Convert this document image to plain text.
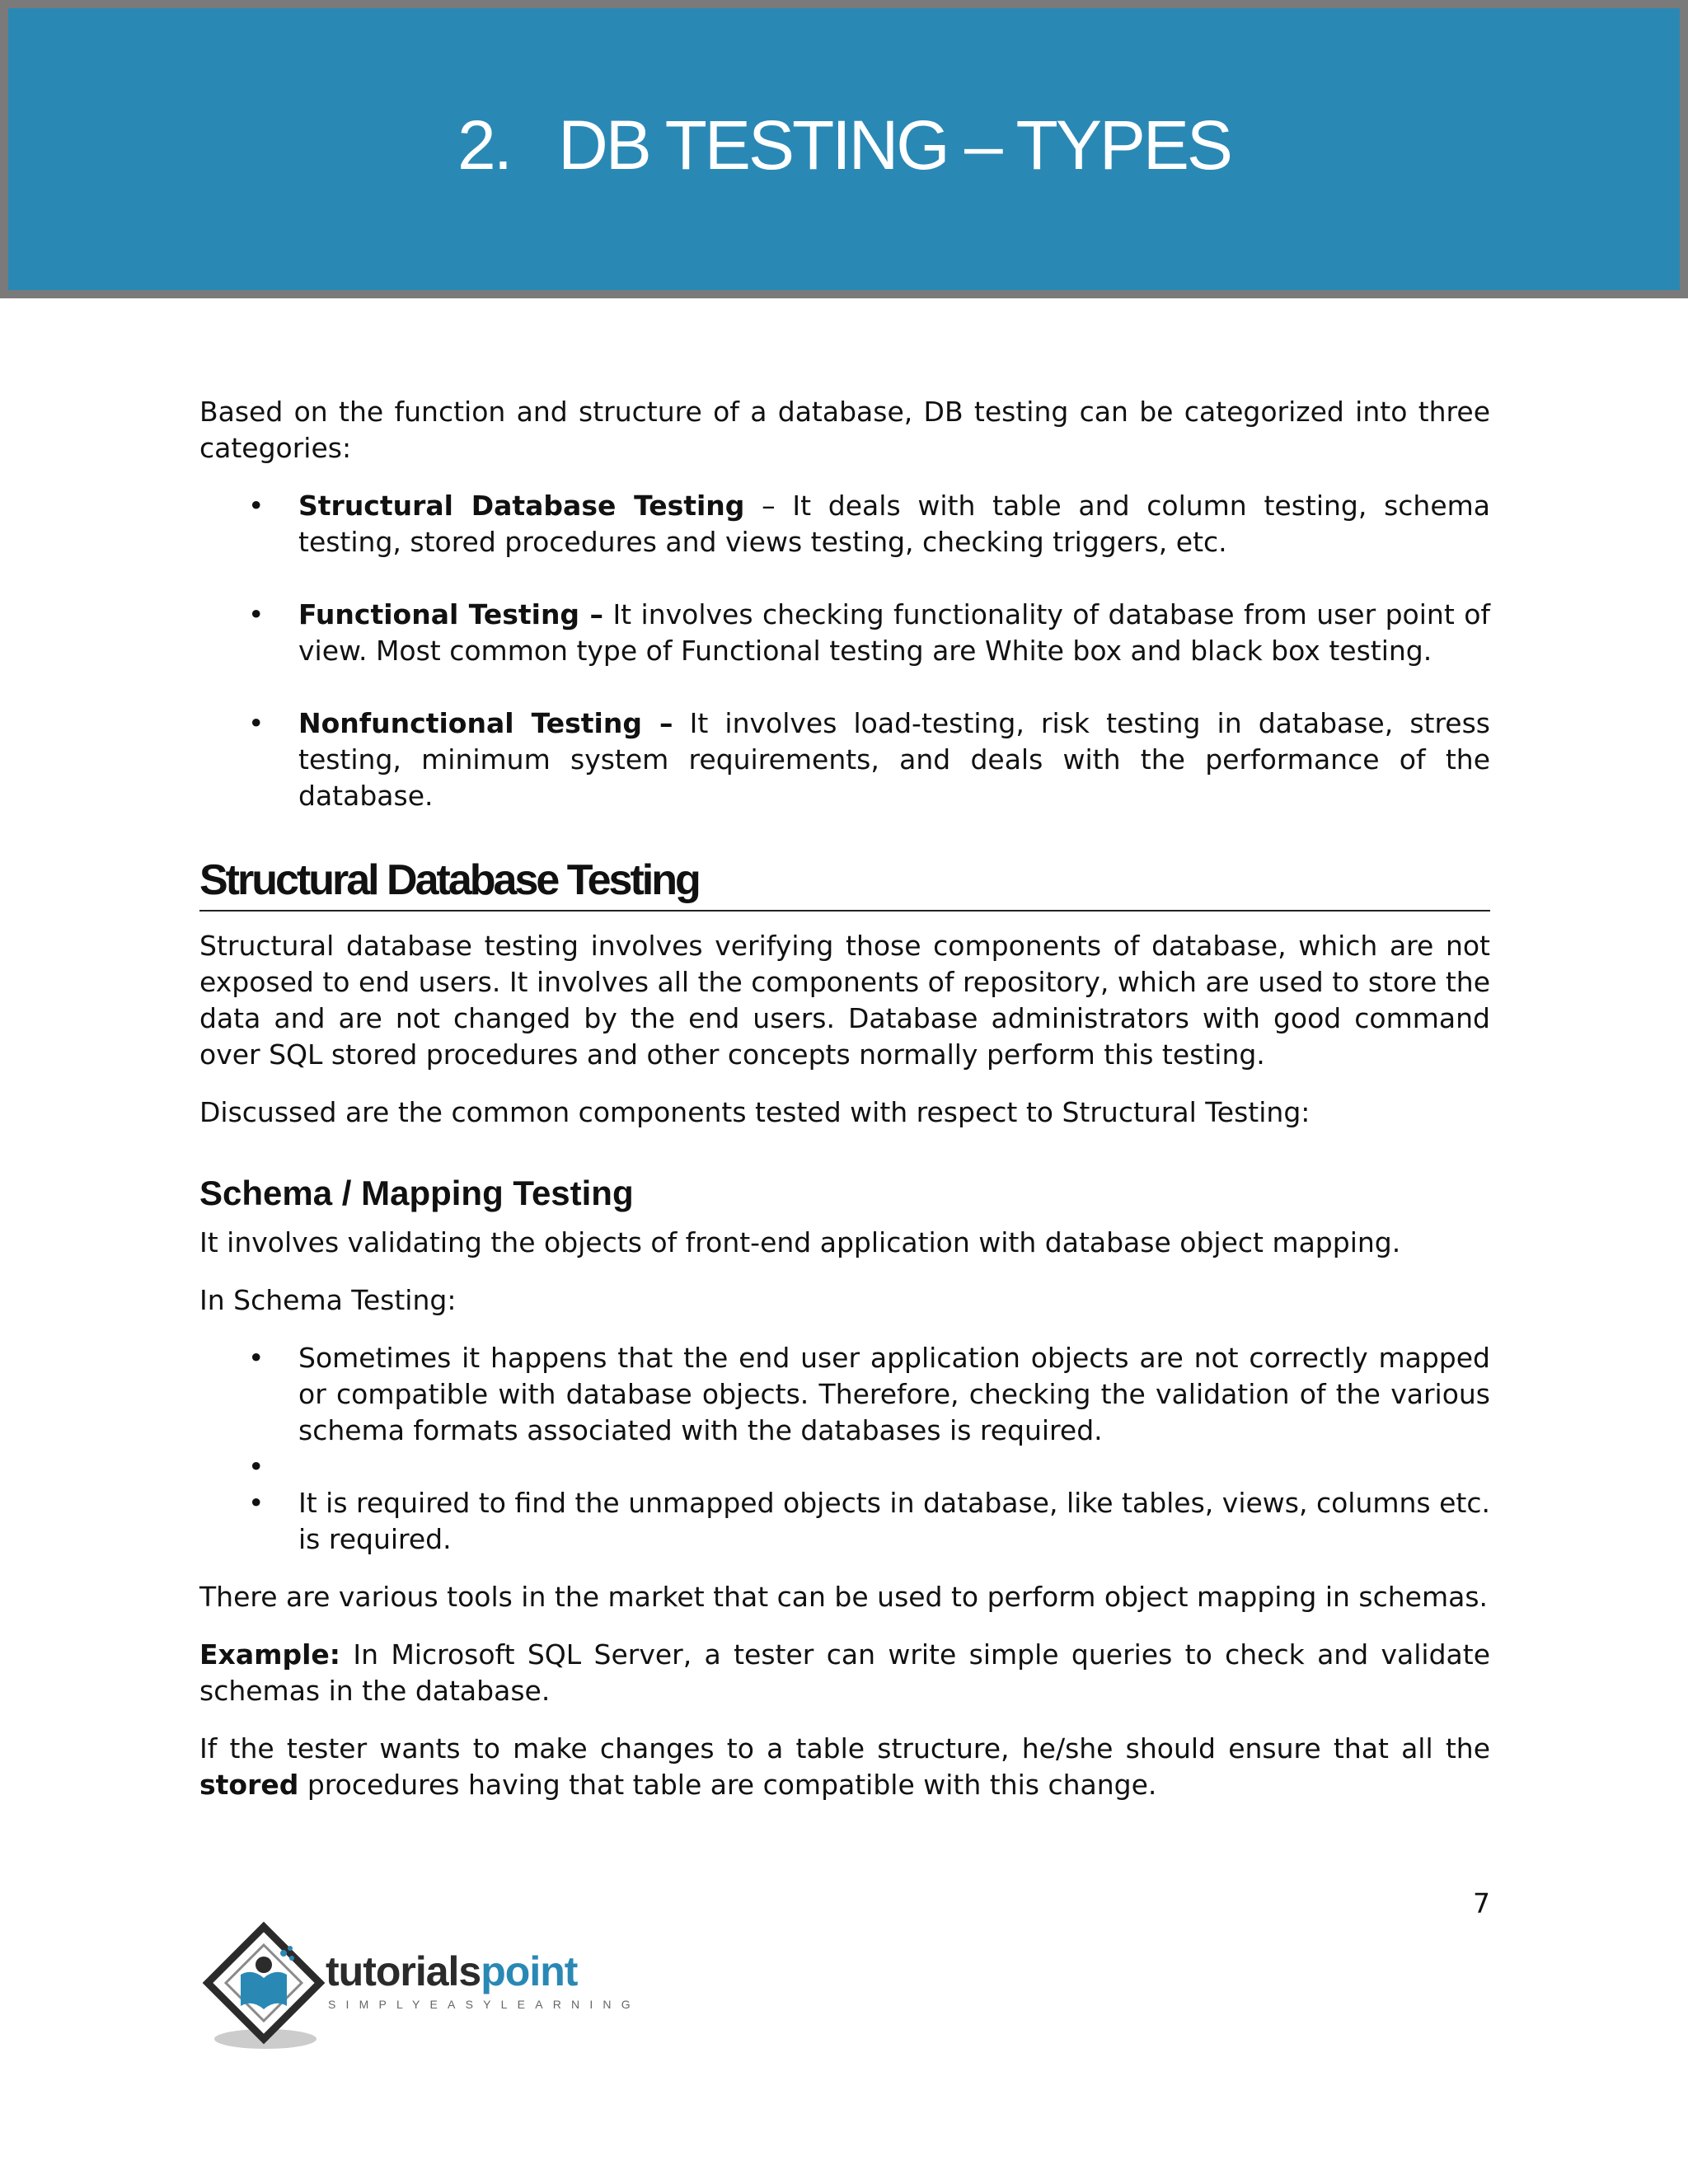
2. DB TESTING – TYPES

Based on the function and structure of a database, DB testing can be categorized into three categories:

• Structural Database Testing – It deals with table and column testing, schema testing, stored procedures and views testing, checking triggers, etc.
• Functional Testing – It involves checking functionality of database from user point of view. Most common type of Functional testing are White box and black box testing.
• Nonfunctional Testing – It involves load-testing, risk testing in database, stress testing, minimum system requirements, and deals with the performance of the database.
Structural Database Testing

Structural database testing involves verifying those components of database, which are not exposed to end users. It involves all the components of repository, which are used to store the data and are not changed by the end users. Database administrators with good command over SQL stored procedures and other concepts normally perform this testing.

Discussed are the common components tested with respect to Structural Testing:

Schema / Mapping Testing

It involves validating the objects of front-end application with database object mapping.

In Schema Testing:

• Sometimes it happens that the end user application objects are not correctly mapped or compatible with database objects. Therefore, checking the validation of the various schema formats associated with the databases is required.
•
• It is required to find the unmapped objects in database, like tables, views, columns etc. is required.

There are various tools in the market that can be used to perform object mapping in schemas.

Example: In Microsoft SQL Server, a tester can write simple queries to check and validate schemas in the database.

If the tester wants to make changes to a table structure, he/she should ensure that all the stored procedures having that table are compatible with this change.

7
tutorialspoint
SIMPLYEASYLEARNING
